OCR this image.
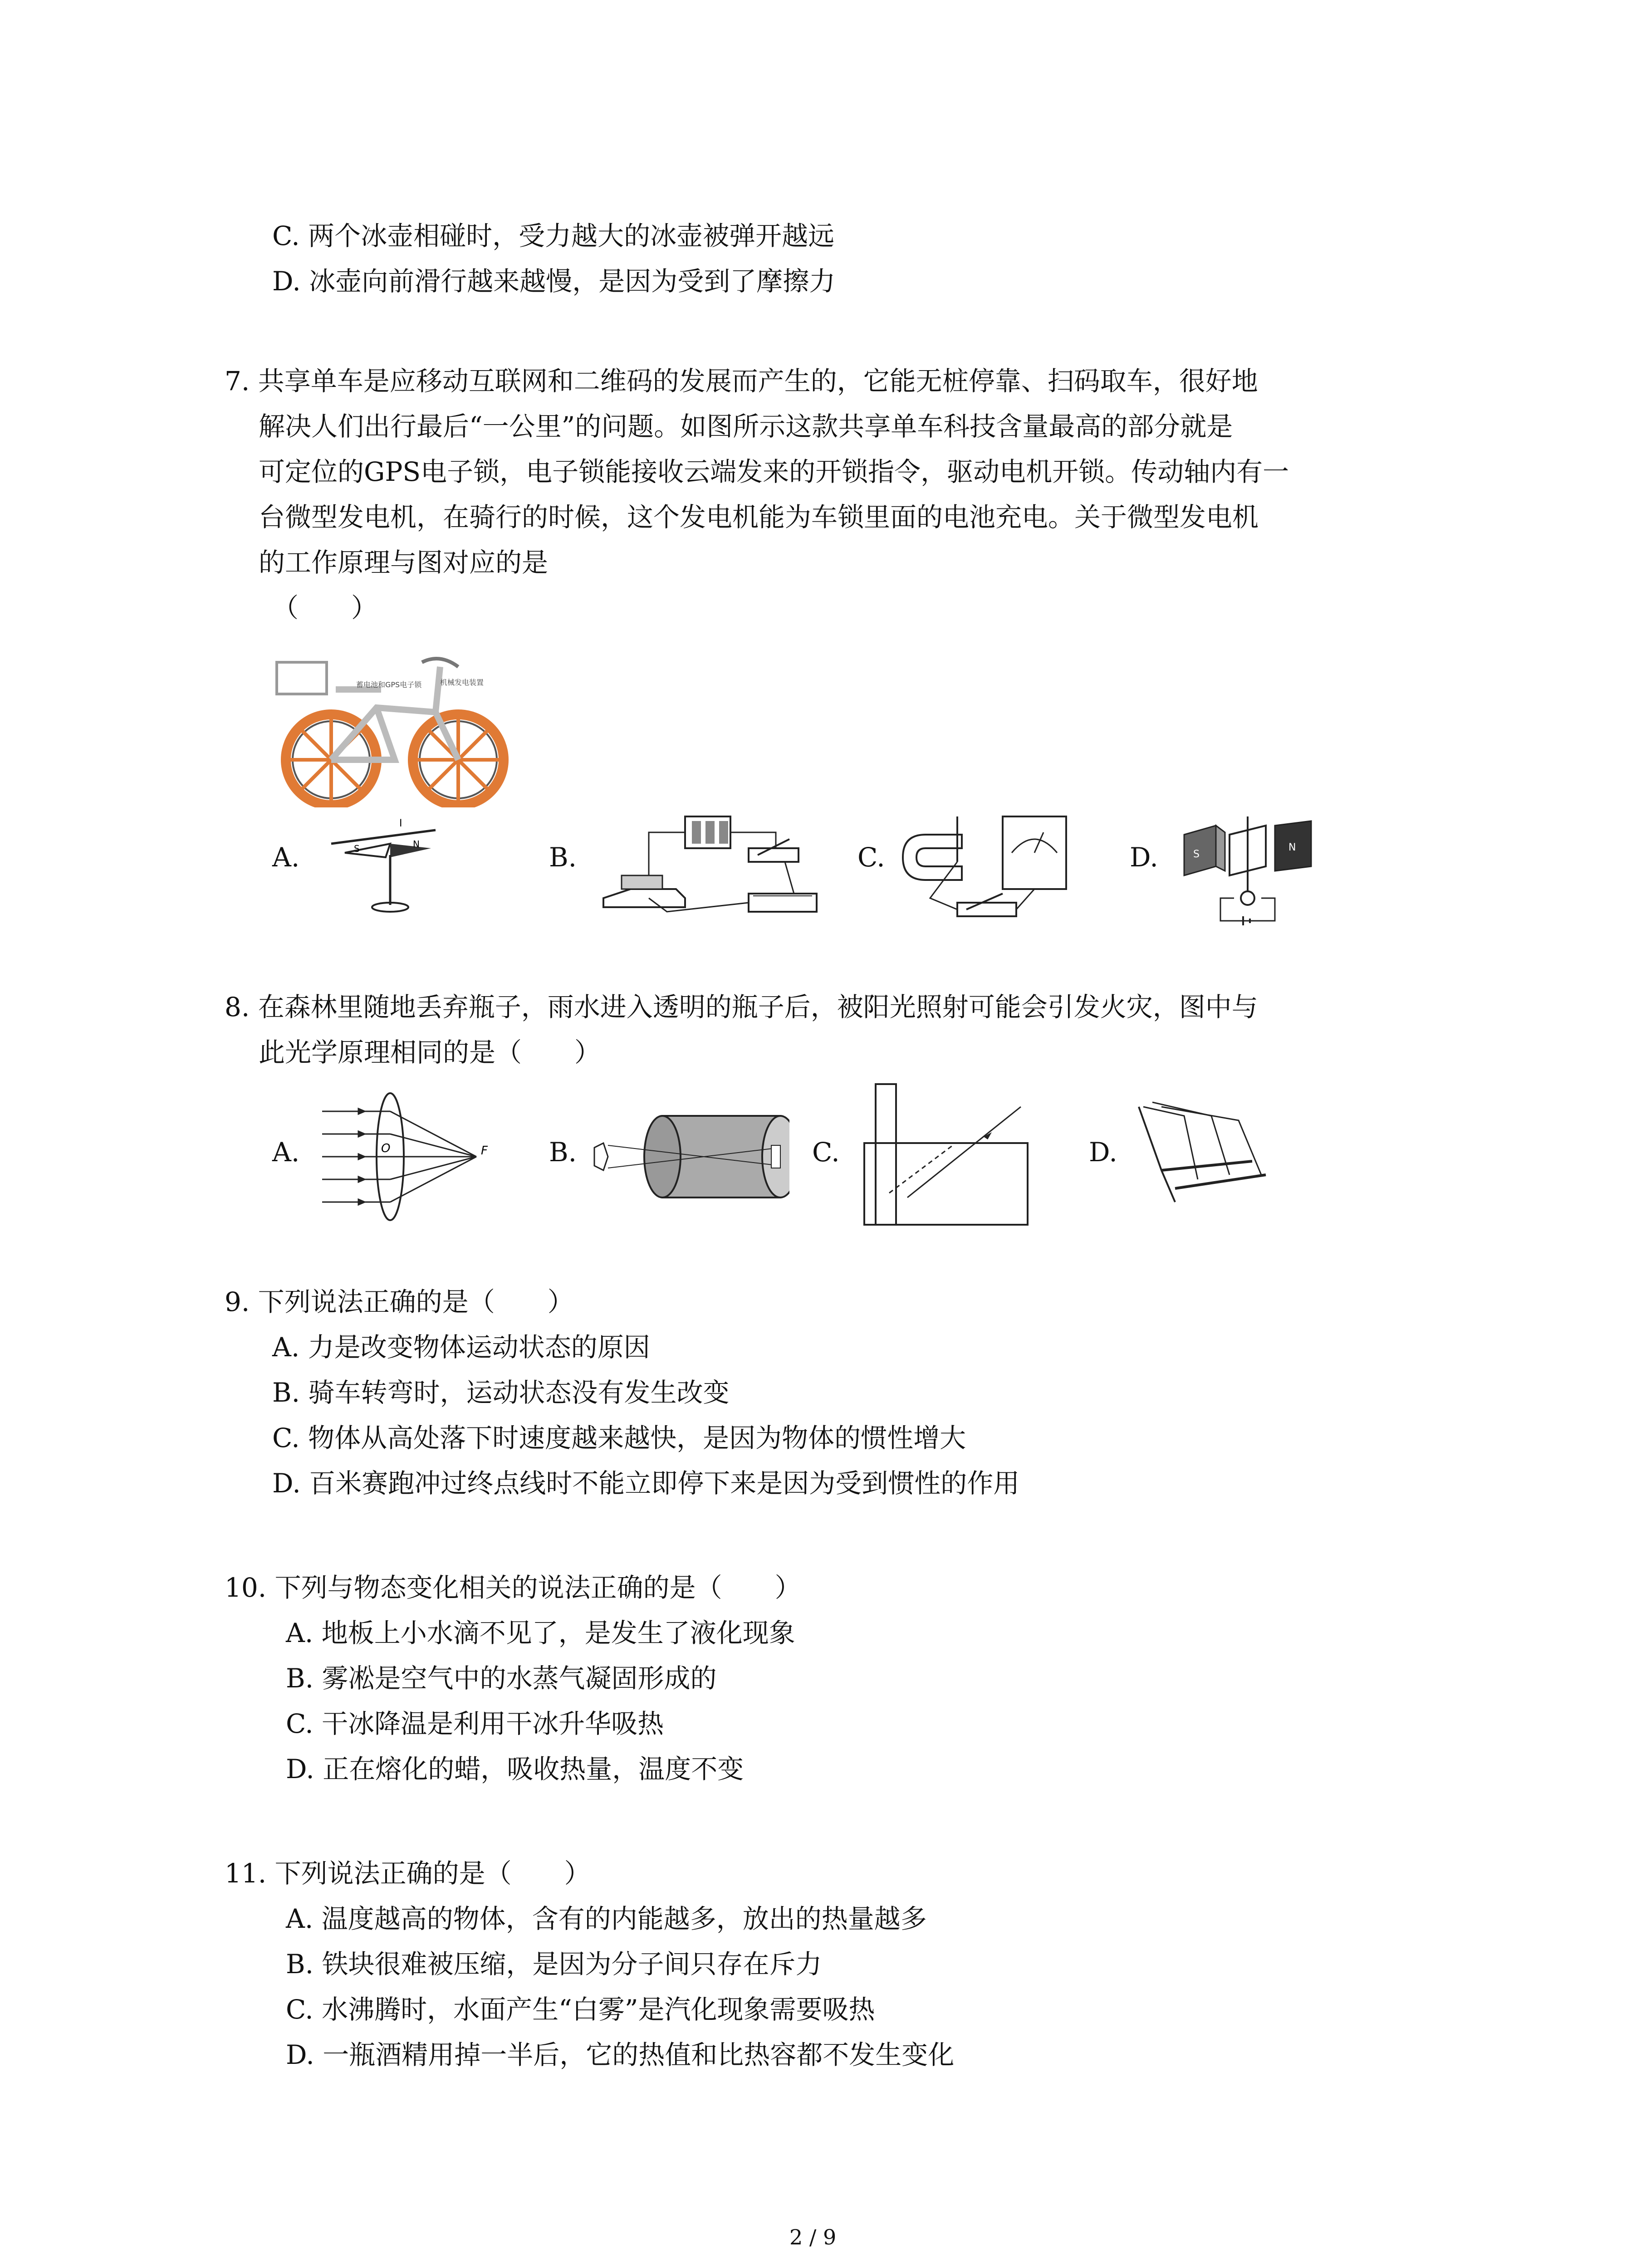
C. 两个冰壶相碰时，受力越大的冰壶被弹开越远
D. 冰壶向前滑行越来越慢，是因为受到了摩擦力
7. 共享单车是应移动互联网和二维码的发展而产生的，它能无桩停靠、扫码取车，很好地
解决人们出行最后“一公里”的问题。如图所示这款共享单车科技含量最高的部分就是
可定位的GPS电子锁，电子锁能接收云端发来的开锁指令，驱动电机开锁。传动轴内有一
台微型发电机，在骑行的时候，这个发电机能为车锁里面的电池充电。关于微型发电机
的工作原理与图对应的是
（　　）
蓄电池和GPS电子锁	机械发电装置
A.
I
S	N	B.	C.	D.	S
N
8. 在森林里随地丢弃瓶子，雨水进入透明的瓶子后，被阳光照射可能会引发火灾，图中与
此光学原理相同的是（　　）
A.	O	F B.	C.	D.
9. 下列说法正确的是（　　）
A. 力是改变物体运动状态的原因
B. 骑车转弯时，运动状态没有发生改变
C. 物体从高处落下时速度越来越快，是因为物体的惯性增大
D. 百米赛跑冲过终点线时不能立即停下来是因为受到惯性的作用
10. 下列与物态变化相关的说法正确的是（　　）
A. 地板上小水滴不见了，是发生了液化现象
B. 雾凇是空气中的水蒸气凝固形成的
C. 干冰降温是利用干冰升华吸热
D. 正在熔化的蜡，吸收热量，温度不变
11. 下列说法正确的是（　　）
A. 温度越高的物体，含有的内能越多，放出的热量越多
B. 铁块很难被压缩，是因为分子间只存在斥力
C. 水沸腾时，水面产生“白雾”是汽化现象需要吸热
D. 一瓶酒精用掉一半后，它的热值和比热容都不发生变化
2 / 9
